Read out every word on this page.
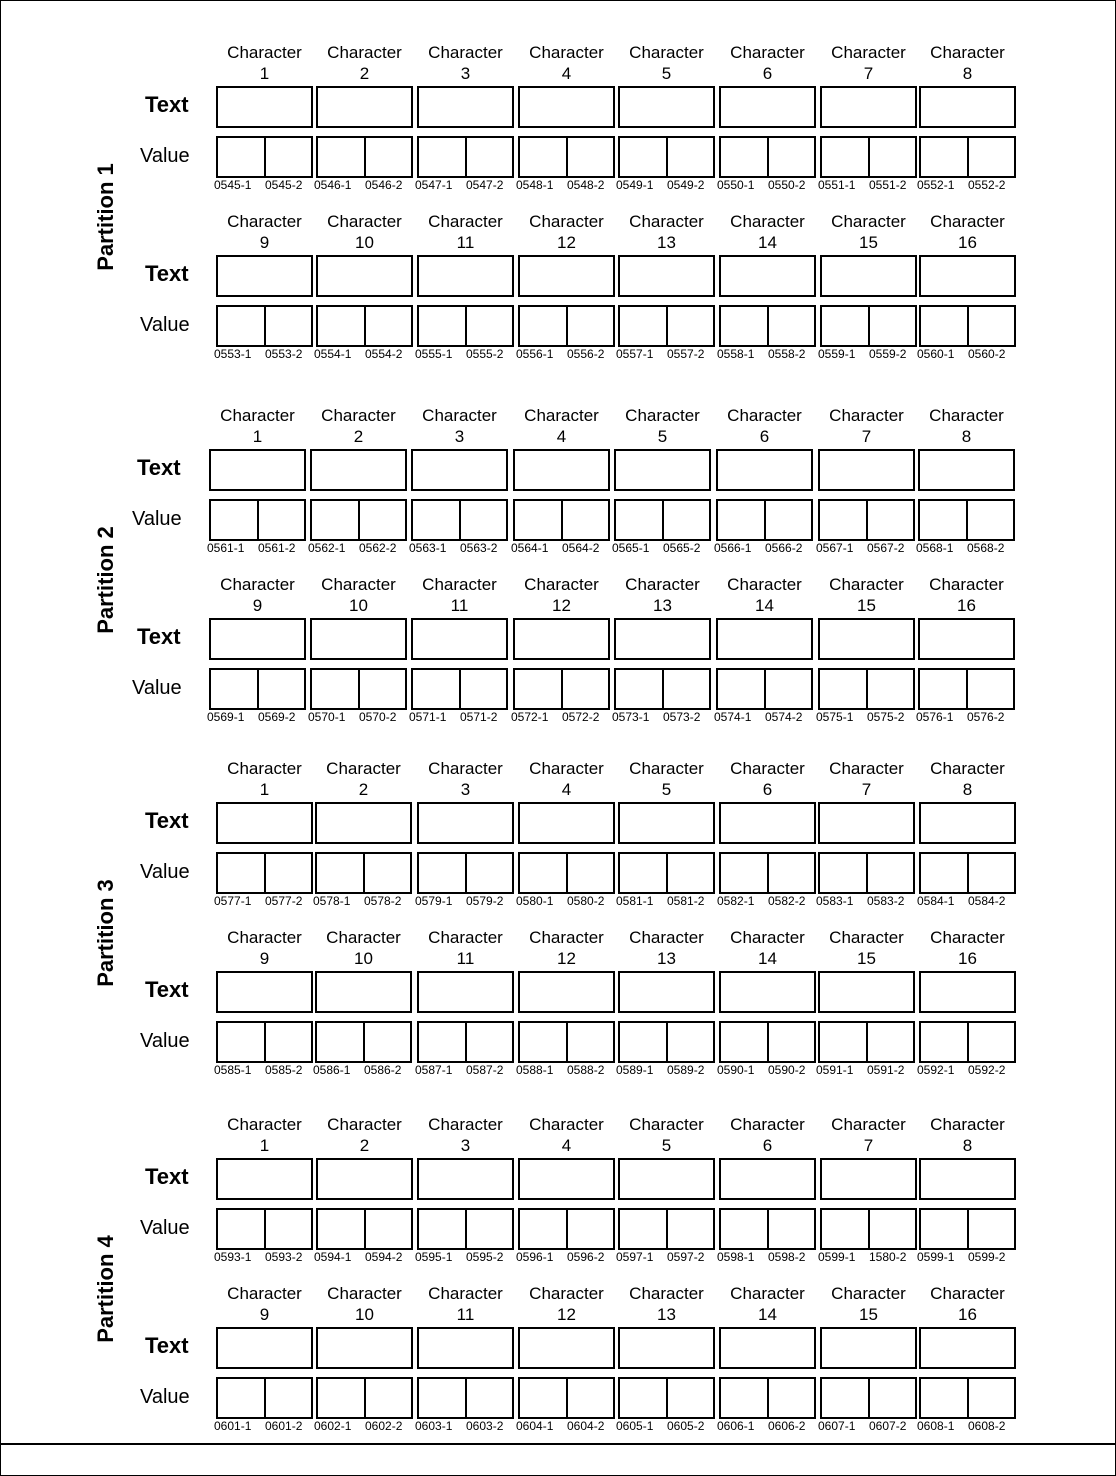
Partition 1
Text
Value
Character
1
0545-1 0545-2
Character
2
0546-1 0546-2
Character
3
0547-1 0547-2
Character
4
0548-1 0548-2
Character
5
0549-1 0549-2
Character
6
0550-1 0550-2
Character
7
0551-1 0551-2
Character
8
0552-1 0552-2
Text
Value
Character
9
0553-1 0553-2
Character
10
0554-1 0554-2
Character
11
0555-1 0555-2
Character
12
0556-1 0556-2
Character
13
0557-1 0557-2
Character
14
0558-1 0558-2
Character
15
0559-1 0559-2
Character
16
0560-1 0560-2
Partition 2
Text
Value
Character
1
0561-1 0561-2
Character
2
0562-1 0562-2
Character
3
0563-1 0563-2
Character
4
0564-1 0564-2
Character
5
0565-1 0565-2
Character
6
0566-1 0566-2
Character
7
0567-1 0567-2
Character
8
0568-1 0568-2
Text
Value
Character
9
0569-1 0569-2
Character
10
0570-1 0570-2
Character
11
0571-1 0571-2
Character
12
0572-1 0572-2
Character
13
0573-1 0573-2
Character
14
0574-1 0574-2
Character
15
0575-1 0575-2
Character
16
0576-1 0576-2
Partition 3
Text
Value
Character
1
0577-1 0577-2
Character
2
0578-1 0578-2
Character
3
0579-1 0579-2
Character
4
0580-1 0580-2
Character
5
0581-1 0581-2
Character
6
0582-1 0582-2
Character
7
0583-1 0583-2
Character
8
0584-1 0584-2
Text
Value
Character
9
0585-1 0585-2
Character
10
0586-1 0586-2
Character
11
0587-1 0587-2
Character
12
0588-1 0588-2
Character
13
0589-1 0589-2
Character
14
0590-1 0590-2
Character
15
0591-1 0591-2
Character
16
0592-1 0592-2
Partition 4
Text
Value
Character
1
0593-1 0593-2
Character
2
0594-1 0594-2
Character
3
0595-1 0595-2
Character
4
0596-1 0596-2
Character
5
0597-1 0597-2
Character
6
0598-1 0598-2
Character
7
0599-1 1580-2
Character
8
0599-1 0599-2
Text
Value
Character
9
0601-1 0601-2
Character
10
0602-1 0602-2
Character
11
0603-1 0603-2
Character
12
0604-1 0604-2
Character
13
0605-1 0605-2
Character
14
0606-1 0606-2
Character
15
0607-1 0607-2
Character
16
0608-1 0608-2
